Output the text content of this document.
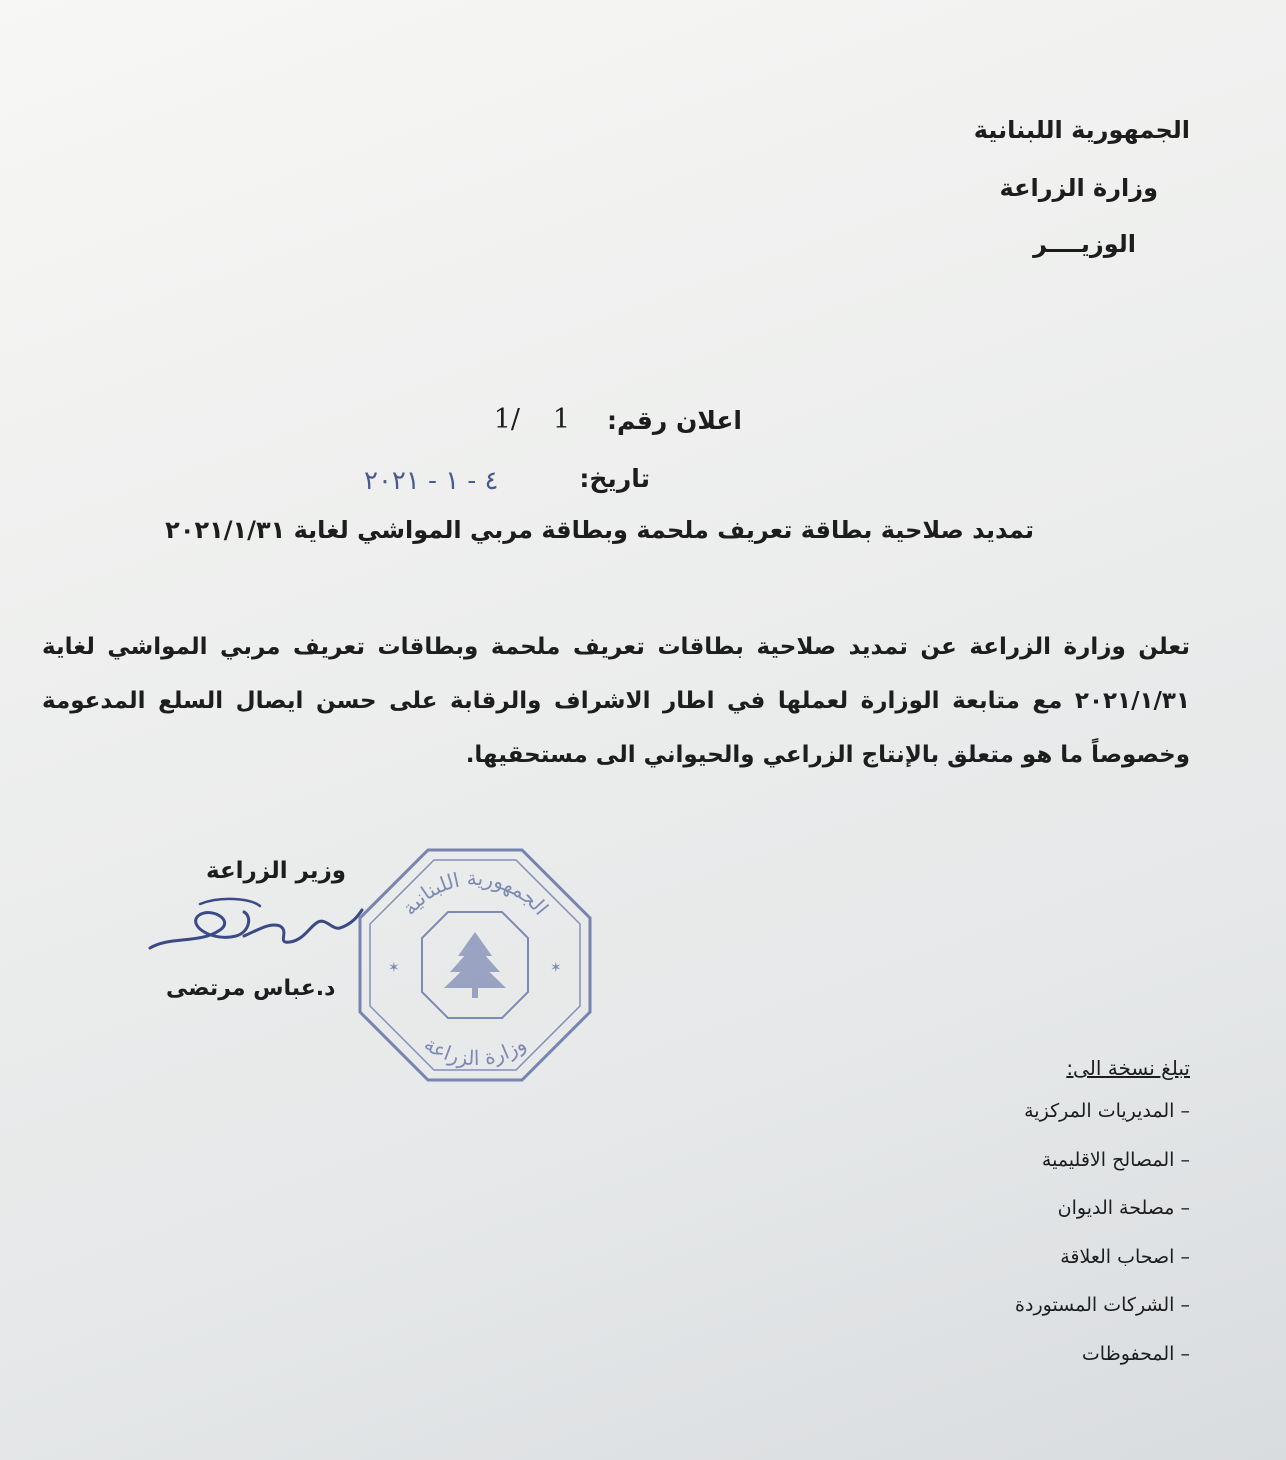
الجمهورية اللبنانية
وزارة الزراعة
الوزيــــر
اعلان رقم:
1
1/
تاريخ:
٤ - ١ - ٢٠٢١
تمديد صلاحية بطاقة تعريف ملحمة وبطاقة مربي المواشي لغاية ٢٠٢١/١/٣١
تعلن وزارة الزراعة عن تمديد صلاحية بطاقات تعريف ملحمة وبطاقات تعريف مربي المواشي لغاية ٢٠٢١/١/٣١ مع متابعة الوزارة لعملها في اطار الاشراف والرقابة على حسن ايصال السلع المدعومة وخصوصاً ما هو متعلق بالإنتاج الزراعي والحيواني الى مستحقيها.
وزير الزراعة
✶	✶
الجمهورية اللبنانية
وزارة الزراعة
د.عباس مرتضى
تبلغ نسخة الى:
– المديريات المركزية
– المصالح الاقليمية
– مصلحة الديوان
– اصحاب العلاقة
– الشركات المستوردة
– المحفوظات
